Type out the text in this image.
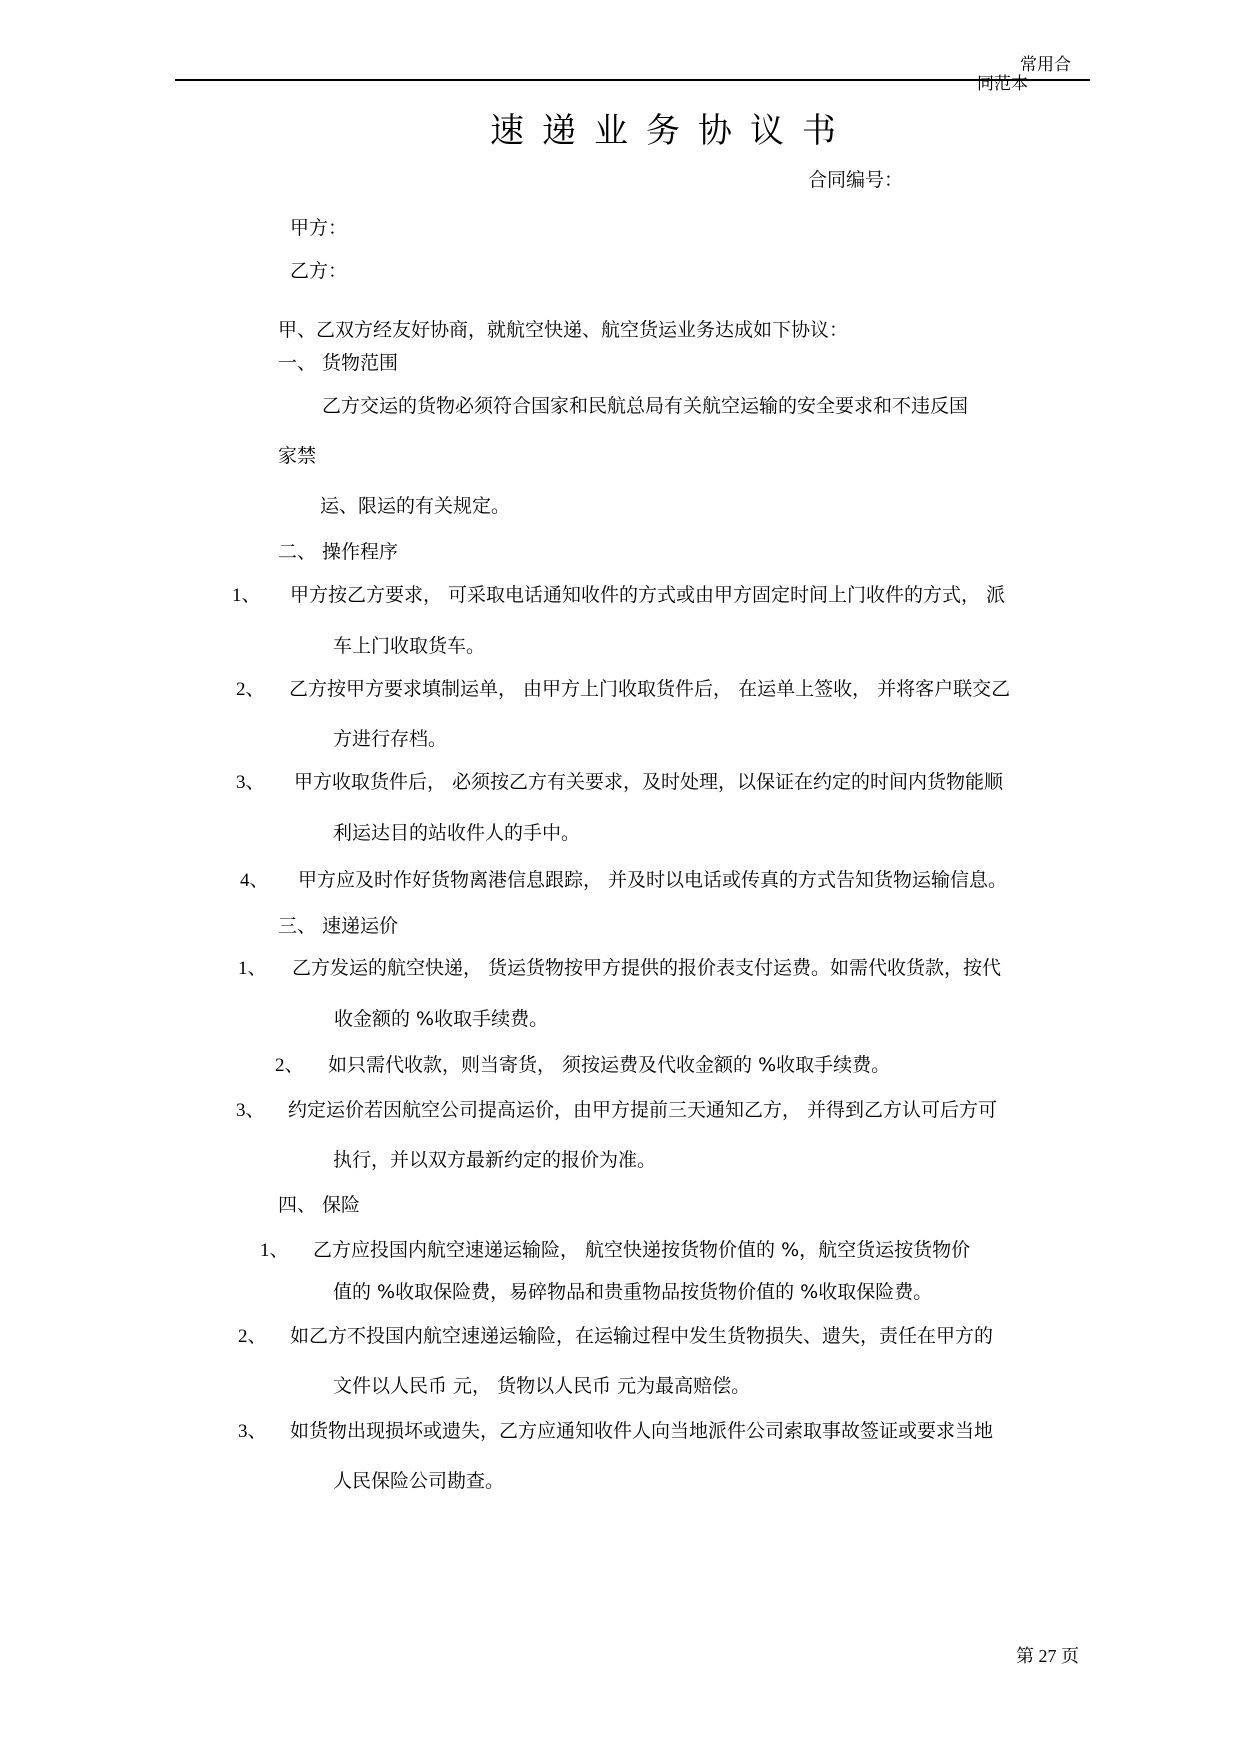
常用合
同范本
速递业务协议书
合同编号：
甲方：
乙方：
甲、乙双方经友好协商，就航空快递、航空货运业务达成如下协议：
一、 货物范围
乙方交运的货物必须符合国家和民航总局有关航空运输的安全要求和不违反国
家禁
运、限运的有关规定。
二、 操作程序
1、 甲方按乙方要求， 可采取电话通知收件的方式或由甲方固定时间上门收件的方式， 派
车上门收取货车。
2、 乙方按甲方要求填制运单， 由甲方上门收取货件后， 在运单上签收， 并将客户联交乙
方进行存档。
3、 甲方收取货件后， 必须按乙方有关要求，及时处理，以保证在约定的时间内货物能顺
利运达目的站收件人的手中。
4、 甲方应及时作好货物离港信息跟踪， 并及时以电话或传真的方式告知货物运输信息。
三、 速递运价
1、 乙方发运的航空快递， 货运货物按甲方提供的报价表支付运费。如需代收货款，按代
收金额的 %收取手续费。
2、 如只需代收款，则当寄货， 须按运费及代收金额的 %收取手续费。
3、 约定运价若因航空公司提高运价，由甲方提前三天通知乙方， 并得到乙方认可后方可
执行，并以双方最新约定的报价为准。
四、 保险
1、 乙方应投国内航空速递运输险， 航空快递按货物价值的 %，航空货运按货物价
值的 %收取保险费，易碎物品和贵重物品按货物价值的 %收取保险费。
2、 如乙方不投国内航空速递运输险，在运输过程中发生货物损失、遗失，责任在甲方的
文件以人民币 元， 货物以人民币 元为最高赔偿。
3、 如货物出现损坏或遗失，乙方应通知收件人向当地派件公司索取事故签证或要求当地
人民保险公司勘查。
第 27 页
